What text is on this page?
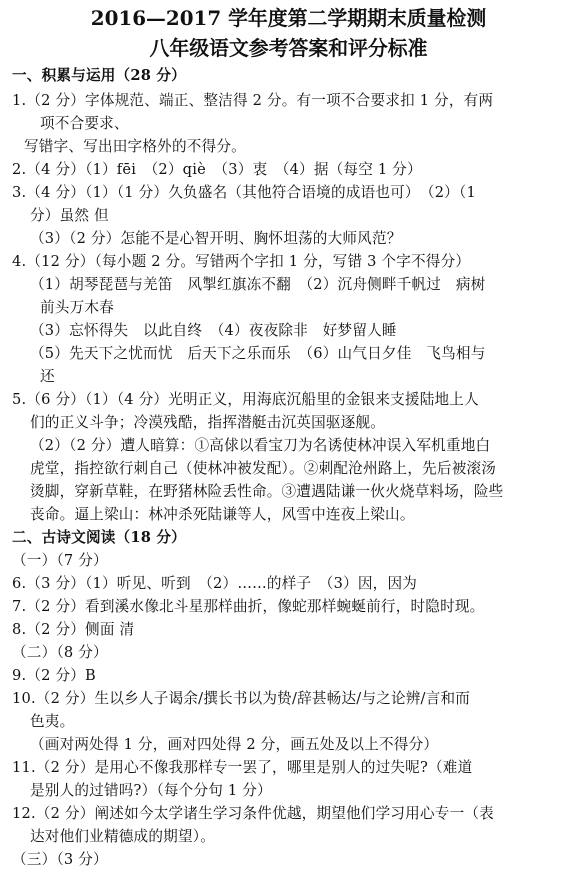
2016—2017 学年度第二学期期末质量检测
八年级语文参考答案和评分标准
一、积累与运用（28 分）
1.（2 分）字体规范、端正、整洁得 2 分。有一项不合要求扣 1 分，有两
项不合要求、
写错字、写出田字格外的不得分。
2.（4 分）（1）fēi　（2）qiè　（3）衷　（4）据（每空 1 分）
3.（4 分）（1）（1 分）久负盛名（其他符合语境的成语也可）　（2）（1
分）虽然 但
（3）（2 分）怎能不是心智开明、胸怀坦荡的大师风范？
4.（12 分）（每小题 2 分。写错两个字扣 1 分，写错 3 个字不得分）
（1）胡琴琵琶与羌笛　风掣红旗冻不翻　（2）沉舟侧畔千帆过　病树
前头万木春
（3）忘怀得失　以此自终　（4）夜夜除非　好梦留人睡
（5）先天下之忧而忧　后天下之乐而乐　（6）山气日夕佳　飞鸟相与
还
5.（6 分）（1）（4 分）光明正义，用海底沉船里的金银来支援陆地上人
们的正义斗争；冷漠残酷，指挥潜艇击沉英国驱逐舰。
（2）（2 分）遭人暗算：①高俅以看宝刀为名诱使林冲误入军机重地白
虎堂，指控欲行刺自己（使林冲被发配）。②刺配沧州路上，先后被滚汤
烫脚，穿新草鞋，在野猪林险丢性命。③遭遇陆谦一伙火烧草料场，险些
丧命。逼上梁山：林冲杀死陆谦等人，风雪中连夜上梁山。
二、古诗文阅读（18 分）
（一）（7 分）
6.（3 分）（1）听见、听到　（2）……的样子　（3）因，因为
7.（2 分）看到溪水像北斗星那样曲折，像蛇那样蜿蜒前行，时隐时现。
8.（2 分）侧面 清
（二）（8 分）
9.（2 分）B
10.（2 分）生以乡人子谒余/撰长书以为贽/辞甚畅达/与之论辨/言和而
色夷。
（画对两处得 1 分，画对四处得 2 分，画五处及以上不得分）
11.（2 分）是用心不像我那样专一罢了，哪里是别人的过失呢?（难道
是别人的过错吗?）（每个分句 1 分）
12.（2 分）阐述如今太学诸生学习条件优越，期望他们学习用心专一（表
达对他们业精德成的期望）。
（三）（3 分）
